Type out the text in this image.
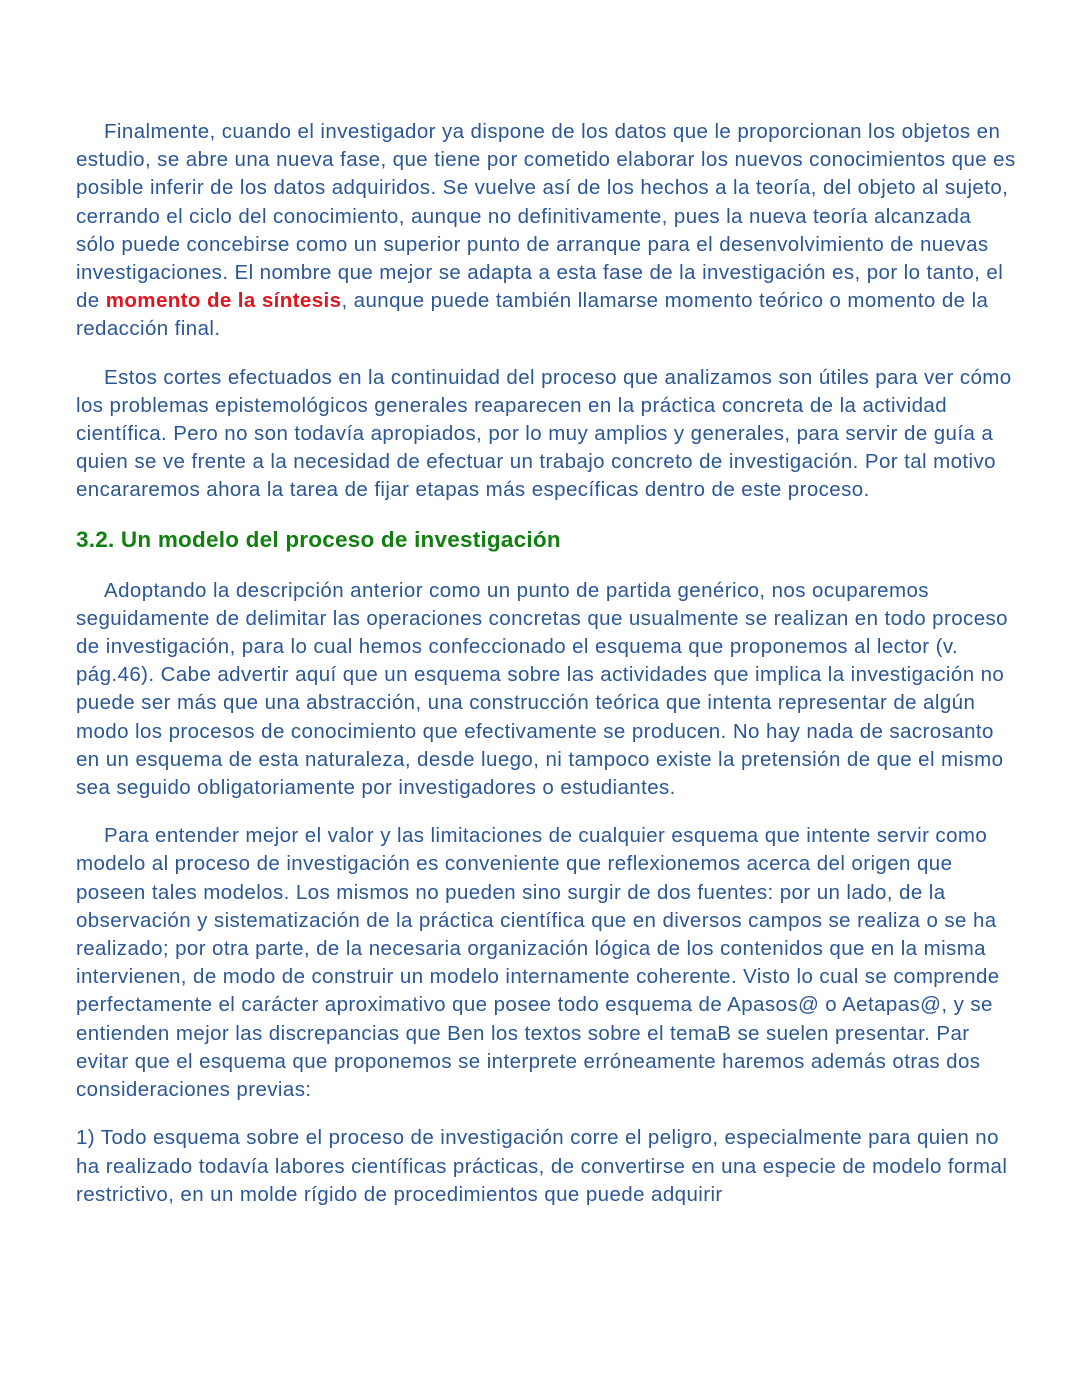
Finalmente, cuando el investigador ya dispone de los datos que le proporcionan los objetos en estudio, se abre una nueva fase, que tiene por cometido elaborar los nuevos conocimientos que es posible inferir de los datos adquiridos. Se vuelve así de los hechos a la teoría, del objeto al sujeto, cerrando el ciclo del conocimiento, aunque no definitivamente, pues la nueva teoría alcanzada sólo puede concebirse como un superior punto de arranque para el desenvolvimiento de nuevas investigaciones. El nombre que mejor se adapta a esta fase de la investigación es, por lo tanto, el de momento de la síntesis, aunque puede también llamarse momento teórico o momento de la redacción final.

Estos cortes efectuados en la continuidad del proceso que analizamos son útiles para ver cómo los problemas epistemológicos generales reaparecen en la práctica concreta de la actividad científica. Pero no son todavía apropiados, por lo muy amplios y generales, para servir de guía a quien se ve frente a la necesidad de efectuar un trabajo concreto de investigación. Por tal motivo encararemos ahora la tarea de fijar etapas más específicas dentro de este proceso.

3.2. Un modelo del proceso de investigación

Adoptando la descripción anterior como un punto de partida genérico, nos ocuparemos seguidamente de delimitar las operaciones concretas que usualmente se realizan en todo proceso de investigación, para lo cual hemos confeccionado el esquema que proponemos al lector (v. pág.46). Cabe advertir aquí que un esquema sobre las actividades que implica la investigación no puede ser más que una abstracción, una construcción teórica que intenta representar de algún modo los procesos de conocimiento que efectivamente se producen. No hay nada de sacrosanto en un esquema de esta naturaleza, desde luego, ni tampoco existe la pretensión de que el mismo sea seguido obligatoriamente por investigadores o estudiantes.

Para entender mejor el valor y las limitaciones de cualquier esquema que intente servir como modelo al proceso de investigación es conveniente que reflexionemos acerca del origen que poseen tales modelos. Los mismos no pueden sino surgir de dos fuentes: por un lado, de la observación y sistematización de la práctica científica que en diversos campos se realiza o se ha realizado; por otra parte, de la necesaria organización lógica de los contenidos que en la misma intervienen, de modo de construir un modelo internamente coherente. Visto lo cual se comprende perfectamente el carácter aproximativo que posee todo esquema de Apasos@ o Aetapas@, y se entienden mejor las discrepancias que Ben los textos sobre el temaB se suelen presentar. Par evitar que el esquema que proponemos se interprete erróneamente haremos además otras dos consideraciones previas:

1) Todo esquema sobre el proceso de investigación corre el peligro, especialmente para quien no ha realizado todavía labores científicas prácticas, de convertirse en una especie de modelo formal restrictivo, en un molde rígido de procedimientos que puede adquirir
